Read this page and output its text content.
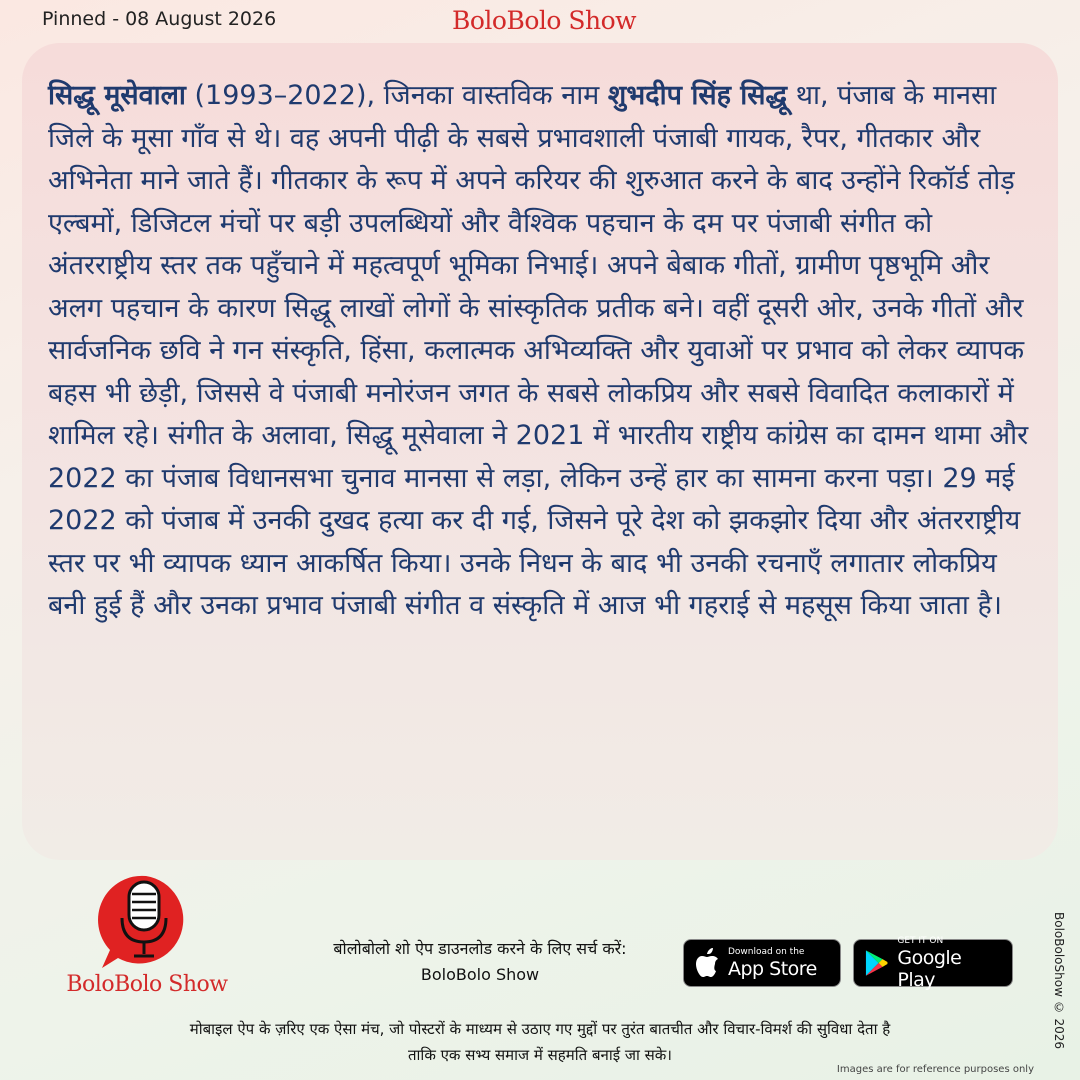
Pinned - 08 August 2026	BoloBolo Show

सिद्धू मूसेवाला (1993–2022), जिनका वास्तविक नाम शुभदीप सिंह सिद्धू था, पंजाब के मानसा जिले के मूसा गाँव से थे। वह अपनी पीढ़ी के सबसे प्रभावशाली पंजाबी गायक, रैपर, गीतकार और अभिनेता माने जाते हैं। गीतकार के रूप में अपने करियर की शुरुआत करने के बाद उन्होंने रिकॉर्ड तोड़ एल्बमों, डिजिटल मंचों पर बड़ी उपलब्धियों और वैश्विक पहचान के दम पर पंजाबी संगीत को अंतरराष्ट्रीय स्तर तक पहुँचाने में महत्वपूर्ण भूमिका निभाई। अपने बेबाक गीतों, ग्रामीण पृष्ठभूमि और अलग पहचान के कारण सिद्धू लाखों लोगों के सांस्कृतिक प्रतीक बने। वहीं दूसरी ओर, उनके गीतों और सार्वजनिक छवि ने गन संस्कृति, हिंसा, कलात्मक अभिव्यक्ति और युवाओं पर प्रभाव को लेकर व्यापक बहस भी छेड़ी, जिससे वे पंजाबी मनोरंजन जगत के सबसे लोकप्रिय और सबसे विवादित कलाकारों में शामिल रहे। संगीत के अलावा, सिद्धू मूसेवाला ने 2021 में भारतीय राष्ट्रीय कांग्रेस का दामन थामा और 2022 का पंजाब विधानसभा चुनाव मानसा से लड़ा, लेकिन उन्हें हार का सामना करना पड़ा। 29 मई 2022 को पंजाब में उनकी दुखद हत्या कर दी गई, जिसने पूरे देश को झकझोर दिया और अंतरराष्ट्रीय स्तर पर भी व्यापक ध्यान आकर्षित किया। उनके निधन के बाद भी उनकी रचनाएँ लगातार लोकप्रिय बनी हुई हैं और उनका प्रभाव पंजाबी संगीत व संस्कृति में आज भी गहराई से महसूस किया जाता है।

BoloBolo Show
बोलोबोलो शो ऐप डाउनलोड करने के लिए सर्च करें:
BoloBolo Show
Download on the
App Store
GET IT ON
Google Play
मोबाइल ऐप के ज़रिए एक ऐसा मंच, जो पोस्टरों के माध्यम से उठाए गए मुद्दों पर तुरंत बातचीत और विचार-विमर्श की सुविधा देता है
ताकि एक सभ्य समाज में सहमति बनाई जा सके।
BoloBoloShow © 2026
Images are for reference purposes only
